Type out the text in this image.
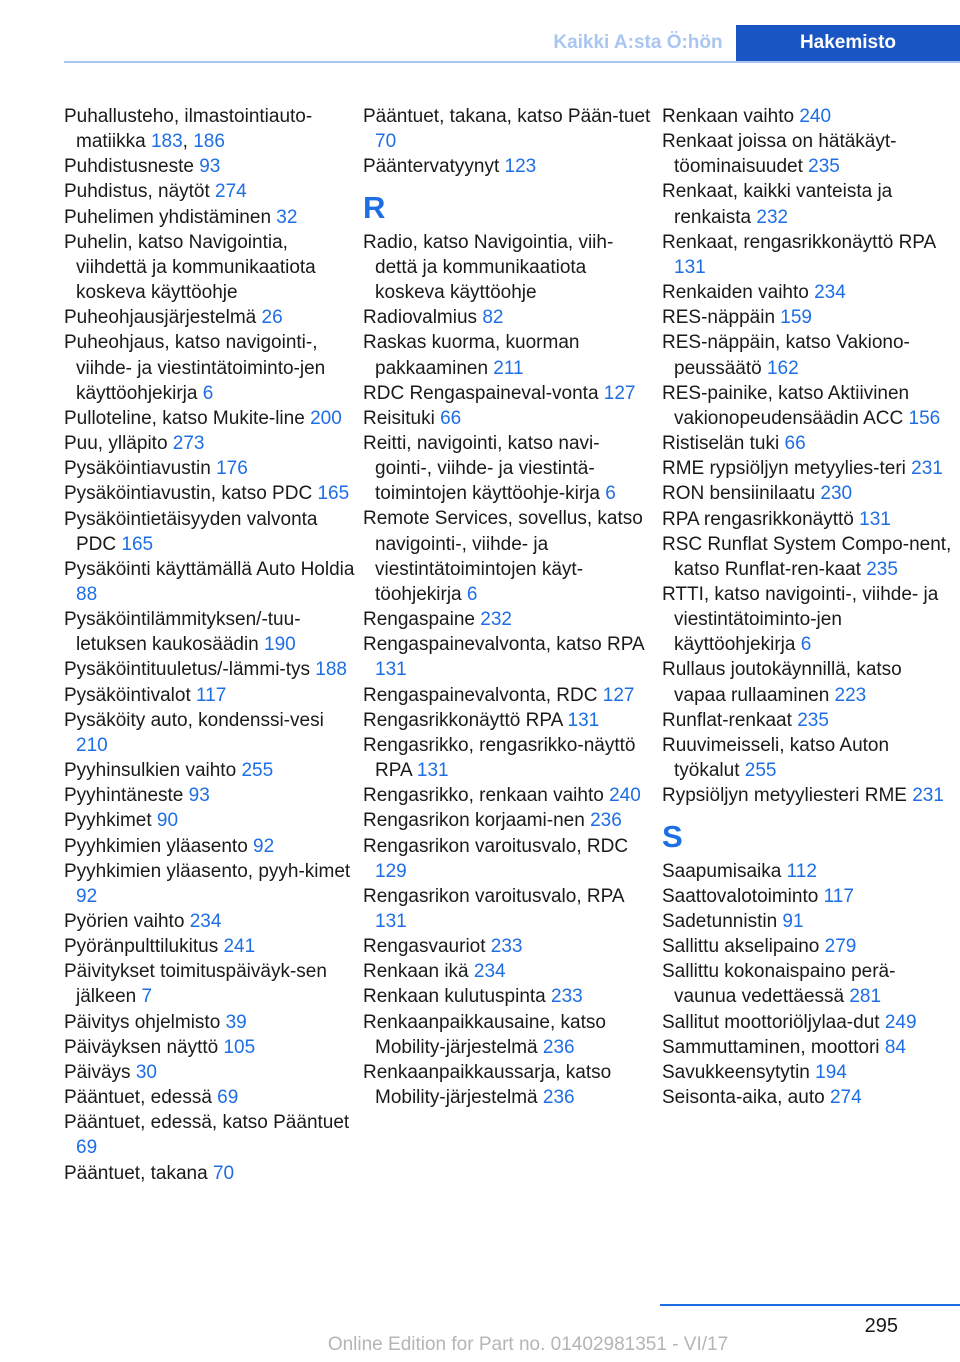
Kaikki A:sta Ö:hön	Hakemisto
Puhallusteho, ilmastointiauto-matiikka 183, 186
Puhdistusneste 93
Puhdistus, näytöt 274
Puhelimen yhdistäminen 32
Puhelin, katso Navigointia, viihdettä ja kommunikaatiota koskeva käyttöohje
Puheohjausjärjestelmä 26
Puheohjaus, katso navigointi-, viihde- ja viestintätoiminto-jen käyttöohjekirja 6
Pulloteline, katso Mukite-line 200
Puu, ylläpito 273
Pysäköintiavustin 176
Pysäköintiavustin, katso PDC 165
Pysäköintietäisyyden valvonta PDC 165
Pysäköinti käyttämällä Auto Holdia 88
Pysäköintilämmityksen/-tuu-letuksen kaukosäädin 190
Pysäköintituuletus/-lämmi-tys 188
Pysäköintivalot 117
Pysäköity auto, kondenssi-vesi 210
Pyyhinsulkien vaihto 255
Pyyhintäneste 93
Pyyhkimet 90
Pyyhkimien yläasento 92
Pyyhkimien yläasento, pyyh-kimet 92
Pyörien vaihto 234
Pyöränpulttilukitus 241
Päivitykset toimituspäiväyk-sen jälkeen 7
Päivitys ohjelmisto 39
Päiväyksen näyttö 105
Päiväys 30
Pääntuet, edessä 69
Pääntuet, edessä, katso Pääntuet 69
Pääntuet, takana 70
Pääntuet, takana, katso Pään-tuet 70
Pääntervatyynyt 123
R
Radio, katso Navigointia, viih-dettä ja kommunikaatiota koskeva käyttöohje
Radiovalmius 82
Raskas kuorma, kuorman pakkaaminen 211
RDC Rengaspaineval-vonta 127
Reisituki 66
Reitti, navigointi, katso navi-gointi-, viihde- ja viestintä-toimintojen käyttöohje-kirja 6
Remote Services, sovellus, katso navigointi-, viihde- ja viestintätoimintojen käyt-töohjekirja 6
Rengaspaine 232
Rengaspainevalvonta, katso RPA 131
Rengaspainevalvonta, RDC 127
Rengasrikkonäyttö RPA 131
Rengasrikko, rengasrikko-näyttö RPA 131
Rengasrikko, renkaan vaihto 240
Rengasrikon korjaami-nen 236
Rengasrikon varoitusvalo, RDC 129
Rengasrikon varoitusvalo, RPA 131
Rengasvauriot 233
Renkaan ikä 234
Renkaan kulutuspinta 233
Renkaanpaikkausaine, katso Mobility-järjestelmä 236
Renkaanpaikkaussarja, katso Mobility-järjestelmä 236
Renkaan vaihto 240
Renkaat joissa on hätäkäyt-töominaisuudet 235
Renkaat, kaikki vanteista ja renkaista 232
Renkaat, rengasrikkonäyttö RPA 131
Renkaiden vaihto 234
RES-näppäin 159
RES-näppäin, katso Vakiono-peussäätö 162
RES-painike, katso Aktiivinen vakionopeudensäädin ACC 156
Ristiselän tuki 66
RME rypsiöljyn metyylies-teri 231
RON bensiinilaatu 230
RPA rengasrikkonäyttö 131
RSC Runflat System Compo-nent, katso Runflat-ren-kaat 235
RTTI, katso navigointi-, viihde- ja viestintätoiminto-jen käyttöohjekirja 6
Rullaus joutokäynnillä, katso vapaa rullaaminen 223
Runflat-renkaat 235
Ruuvimeisseli, katso Auton työkalut 255
Rypsiöljyn metyyliesteri RME 231
S
Saapumisaika 112
Saattovalotoiminto 117
Sadetunnistin 91
Sallittu akselipaino 279
Sallittu kokonaispaino perä-vaunua vedettäessä 281
Sallitut moottoriöljylaa-dut 249
Sammuttaminen, moottori 84
Savukkeensytytin 194
Seisonta-aika, auto 274
295
Online Edition for Part no. 01402981351 - VI/17
